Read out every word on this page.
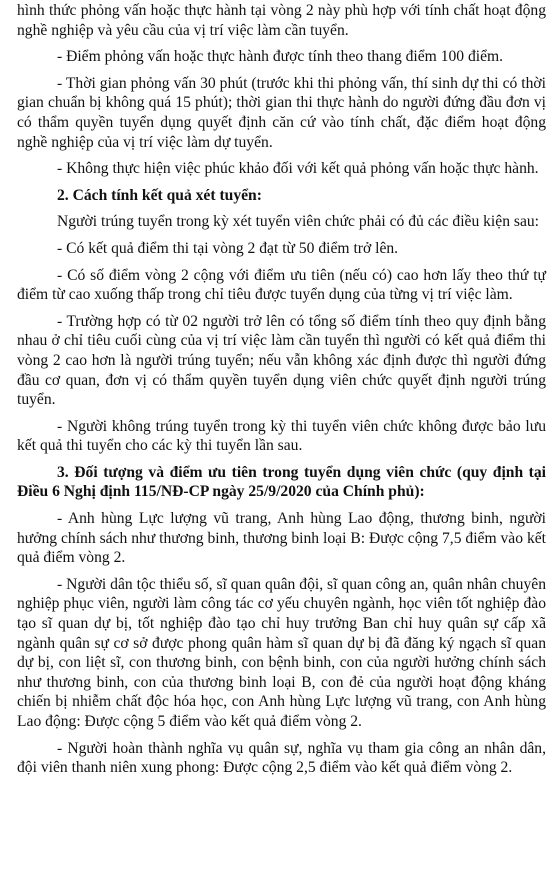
hình thức phỏng vấn hoặc thực hành tại vòng 2 này phù hợp với tính chất hoạt động nghề nghiệp và yêu cầu của vị trí việc làm cần tuyển.

- Điểm phỏng vấn hoặc thực hành được tính theo thang điểm 100 điểm.

- Thời gian phỏng vấn 30 phút (trước khi thi phỏng vấn, thí sinh dự thi có thời gian chuẩn bị không quá 15 phút); thời gian thi thực hành do người đứng đầu đơn vị có thẩm quyền tuyển dụng quyết định căn cứ vào tính chất, đặc điểm hoạt động nghề nghiệp của vị trí việc làm dự tuyển.

- Không thực hiện việc phúc khảo đối với kết quả phỏng vấn hoặc thực hành.

2. Cách tính kết quả xét tuyển:

Người trúng tuyển trong kỳ xét tuyển viên chức phải có đủ các điều kiện sau:

- Có kết quả điểm thi tại vòng 2 đạt từ 50 điểm trở lên.

- Có số điểm vòng 2 cộng với điểm ưu tiên (nếu có) cao hơn lấy theo thứ tự điểm từ cao xuống thấp trong chỉ tiêu được tuyển dụng của từng vị trí việc làm.

- Trường hợp có từ 02 người trở lên có tổng số điểm tính theo quy định bằng nhau ở chỉ tiêu cuối cùng của vị trí việc làm cần tuyển thì người có kết quả điểm thi vòng 2 cao hơn là người trúng tuyển; nếu vẫn không xác định được thì người đứng đầu cơ quan, đơn vị có thẩm quyền tuyển dụng viên chức quyết định người trúng tuyển.

- Người không trúng tuyển trong kỳ thi tuyển viên chức không được bảo lưu kết quả thi tuyển cho các kỳ thi tuyển lần sau.

3. Đối tượng và điểm ưu tiên trong tuyển dụng viên chức (quy định tại Điều 6 Nghị định 115/NĐ-CP ngày 25/9/2020 của Chính phủ):

- Anh hùng Lực lượng vũ trang, Anh hùng Lao động, thương binh, người hưởng chính sách như thương binh, thương binh loại B: Được cộng 7,5 điểm vào kết quả điểm vòng 2.

- Người dân tộc thiểu số, sĩ quan quân đội, sĩ quan công an, quân nhân chuyên nghiệp phục viên, người làm công tác cơ yếu chuyên ngành, học viên tốt nghiệp đào tạo sĩ quan dự bị, tốt nghiệp đào tạo chỉ huy trưởng Ban chỉ huy quân sự cấp xã ngành quân sự cơ sở được phong quân hàm sĩ quan dự bị đã đăng ký ngạch sĩ quan dự bị, con liệt sĩ, con thương binh, con bệnh binh, con của người hưởng chính sách như thương binh, con của thương binh loại B, con đẻ của người hoạt động kháng chiến bị nhiễm chất độc hóa học, con Anh hùng Lực lượng vũ trang, con Anh hùng Lao động: Được cộng 5 điểm vào kết quả điểm vòng 2.

- Người hoàn thành nghĩa vụ quân sự, nghĩa vụ tham gia công an nhân dân, đội viên thanh niên xung phong: Được cộng 2,5 điểm vào kết quả điểm vòng 2.
